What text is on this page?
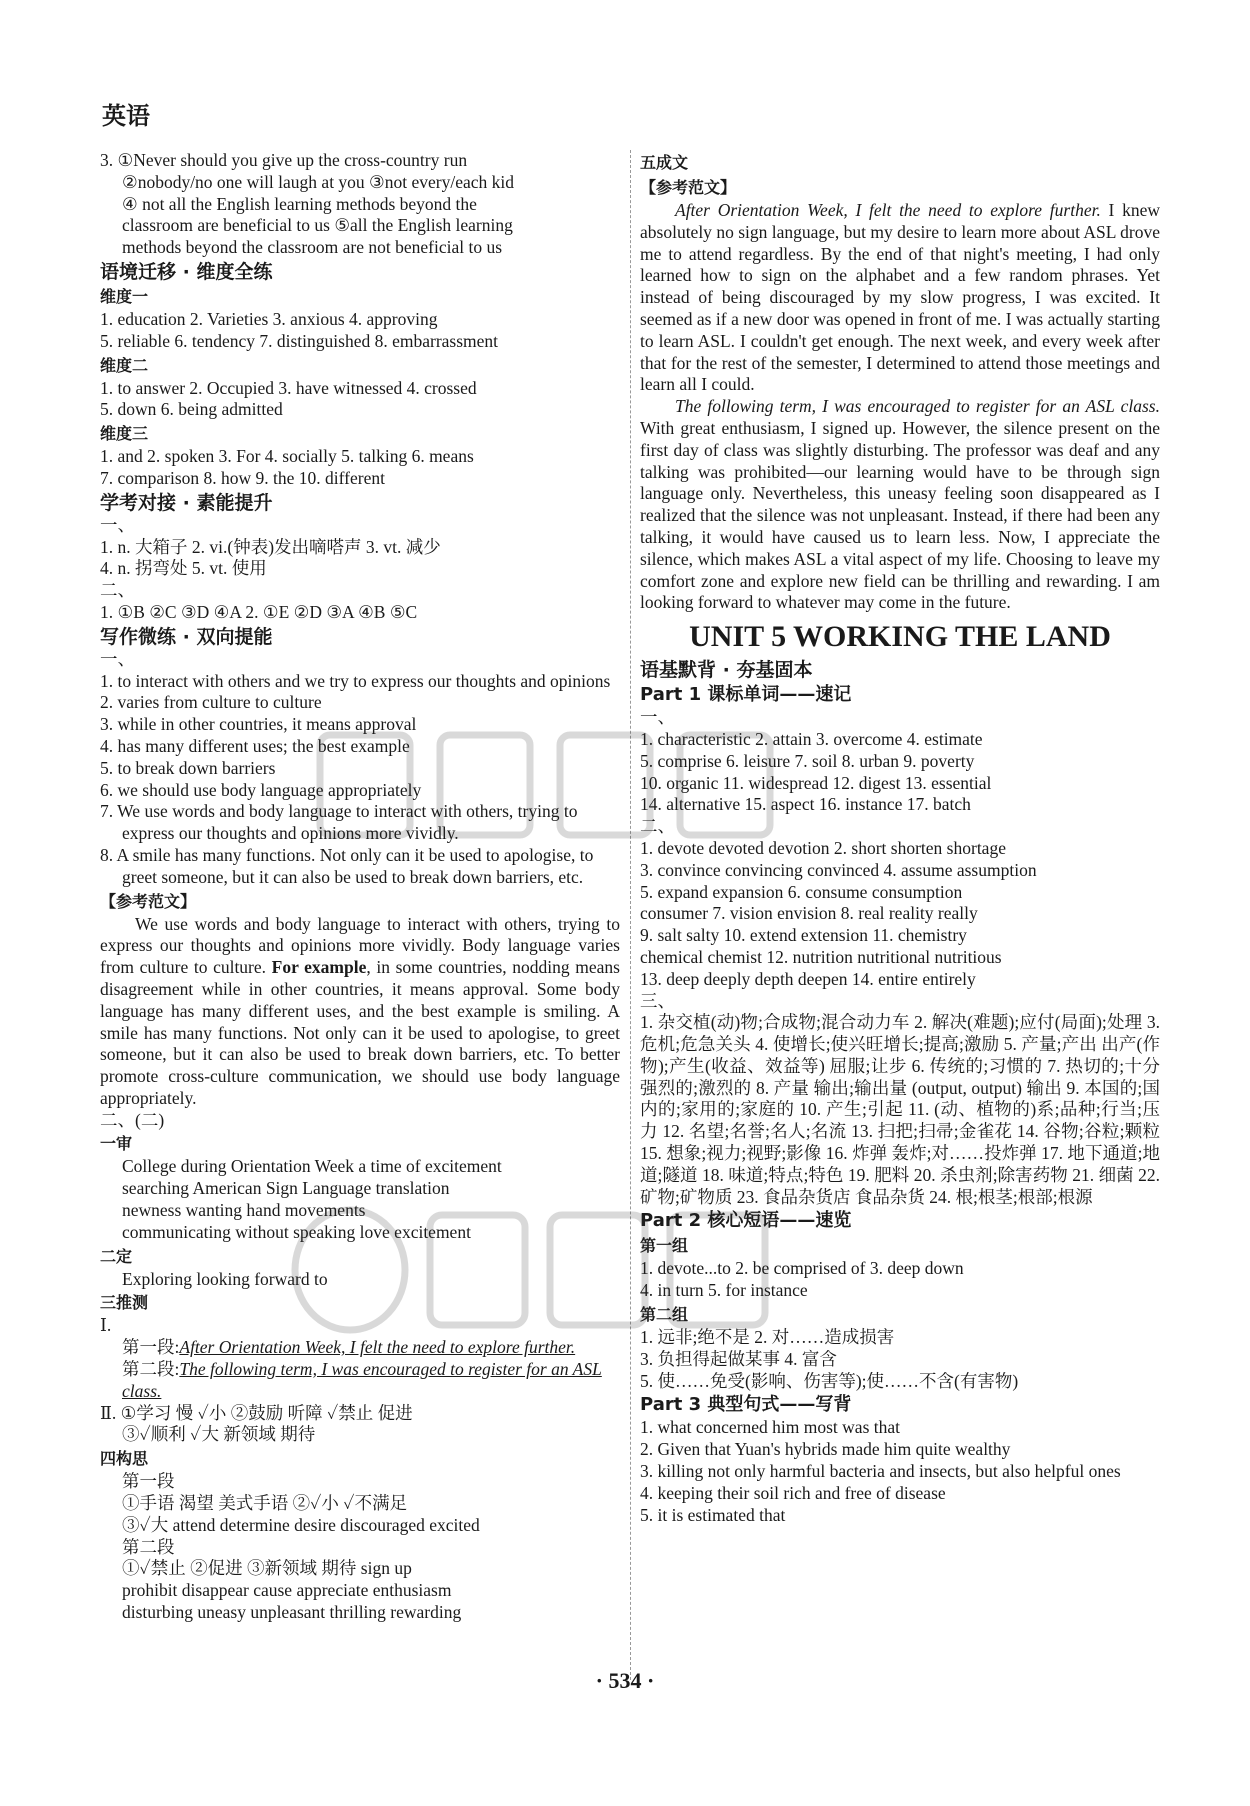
英语
3. ①Never should you give up the cross-country run
②nobody/no one will laugh at you ③not every/each kid
④ not all the English learning methods beyond the
classroom are beneficial to us ⑤all the English learning
methods beyond the classroom are not beneficial to us
语境迁移 · 维度全练
维度一
1. education 2. Varieties 3. anxious 4. approving
5. reliable 6. tendency 7. distinguished 8. embarrassment
维度二
1. to answer 2. Occupied 3. have witnessed 4. crossed
5. down 6. being admitted
维度三
1. and 2. spoken 3. For 4. socially 5. talking 6. means
7. comparison 8. how 9. the 10. different
学考对接 · 素能提升
一、
1. n. 大箱子 2. vi.(钟表)发出嘀嗒声 3. vt. 减少
4. n. 拐弯处 5. vt. 使用
二、
1. ①B ②C ③D ④A 2. ①E ②D ③A ④B ⑤C
写作微练 · 双向提能
一、
1. to interact with others and we try to express our thoughts and opinions
2. varies from culture to culture
3. while in other countries, it means approval
4. has many different uses; the best example
5. to break down barriers
6. we should use body language appropriately
7. We use words and body language to interact with others, trying to express our thoughts and opinions more vividly.
8. A smile has many functions. Not only can it be used to apologise, to greet someone, but it can also be used to break down barriers, etc.
【参考范文】
We use words and body language to interact with others, trying to express our thoughts and opinions more vividly. Body language varies from culture to culture. For example, in some countries, nodding means disagreement while in other countries, it means approval. Some body language has many different uses, and the best example is smiling. A smile has many functions. Not only can it be used to apologise, to greet someone, but it can also be used to break down barriers, etc. To better promote cross-culture communication, we should use body language appropriately.
二、(二)
一审
College during Orientation Week a time of excitement
searching American Sign Language translation
newness wanting hand movements
communicating without speaking love excitement
二定
Exploring looking forward to
三推测
Ⅰ.
第一段:After Orientation Week, I felt the need to explore further.
第二段:The following term, I was encouraged to register for an ASL class.
Ⅱ. ①学习 慢 ✓小 ②鼓励 听障 ✓禁止 促进
③✓顺利 ✓大 新领域 期待
四构思
第一段
①手语 渴望 美式手语 ②✓小 ✓不满足
③✓大 attend determine desire discouraged excited
第二段
①✓禁止 ②促进 ③新领域 期待 sign up
prohibit disappear cause appreciate enthusiasm
disturbing uneasy unpleasant thrilling rewarding
五成文
【参考范文】
After Orientation Week, I felt the need to explore further. I knew absolutely no sign language, but my desire to learn more about ASL drove me to attend regardless. By the end of that night's meeting, I had only learned how to sign on the alphabet and a few random phrases. Yet instead of being discouraged by my slow progress, I was excited. It seemed as if a new door was opened in front of me. I was actually starting to learn ASL. I couldn't get enough. The next week, and every week after that for the rest of the semester, I determined to attend those meetings and learn all I could.
The following term, I was encouraged to register for an ASL class. With great enthusiasm, I signed up. However, the silence present on the first day of class was slightly disturbing. The professor was deaf and any talking was prohibited—our learning would have to be through sign language only. Nevertheless, this uneasy feeling soon disappeared as I realized that the silence was not unpleasant. Instead, if there had been any talking, it would have caused us to learn less. Now, I appreciate the silence, which makes ASL a vital aspect of my life. Choosing to leave my comfort zone and explore new field can be thrilling and rewarding. I am looking forward to whatever may come in the future.
UNIT 5 WORKING THE LAND
语基默背 · 夯基固本
Part 1 课标单词——速记
一、
1. characteristic 2. attain 3. overcome 4. estimate
5. comprise 6. leisure 7. soil 8. urban 9. poverty
10. organic 11. widespread 12. digest 13. essential
14. alternative 15. aspect 16. instance 17. batch
二、
1. devote devoted devotion 2. short shorten shortage
3. convince convincing convinced 4. assume assumption
5. expand expansion 6. consume consumption
consumer 7. vision envision 8. real reality really
9. salt salty 10. extend extension 11. chemistry
chemical chemist 12. nutrition nutritional nutritious
13. deep deeply depth deepen 14. entire entirely
三、
1. 杂交植(动)物;合成物;混合动力车 2. 解决(难题);应付(局面);处理 3. 危机;危急关头 4. 使增长;使兴旺增长;提高;激励 5. 产量;产出 出产(作物);产生(收益、效益等) 屈服;让步 6. 传统的;习惯的 7. 热切的;十分强烈的;激烈的 8. 产量 输出;输出量 (output, output) 输出 9. 本国的;国内的;家用的;家庭的 10. 产生;引起 11. (动、植物的)系;品种;行当;压力 12. 名望;名誉;名人;名流 13. 扫把;扫帚;金雀花 14. 谷物;谷粒;颗粒 15. 想象;视力;视野;影像 16. 炸弹 轰炸;对……投炸弹 17. 地下通道;地道;隧道 18. 味道;特点;特色 19. 肥料 20. 杀虫剂;除害药物 21. 细菌 22. 矿物;矿物质 23. 食品杂货店 食品杂货 24. 根;根茎;根部;根源
Part 2 核心短语——速览
第一组
1. devote...to 2. be comprised of 3. deep down
4. in turn 5. for instance
第二组
1. 远非;绝不是 2. 对……造成损害
3. 负担得起做某事 4. 富含
5. 使……免受(影响、伤害等);使……不含(有害物)
Part 3 典型句式——写背
1. what concerned him most was that
2. Given that Yuan's hybrids made him quite wealthy
3. killing not only harmful bacteria and insects, but also helpful ones
4. keeping their soil rich and free of disease
5. it is estimated that
· 534 ·
